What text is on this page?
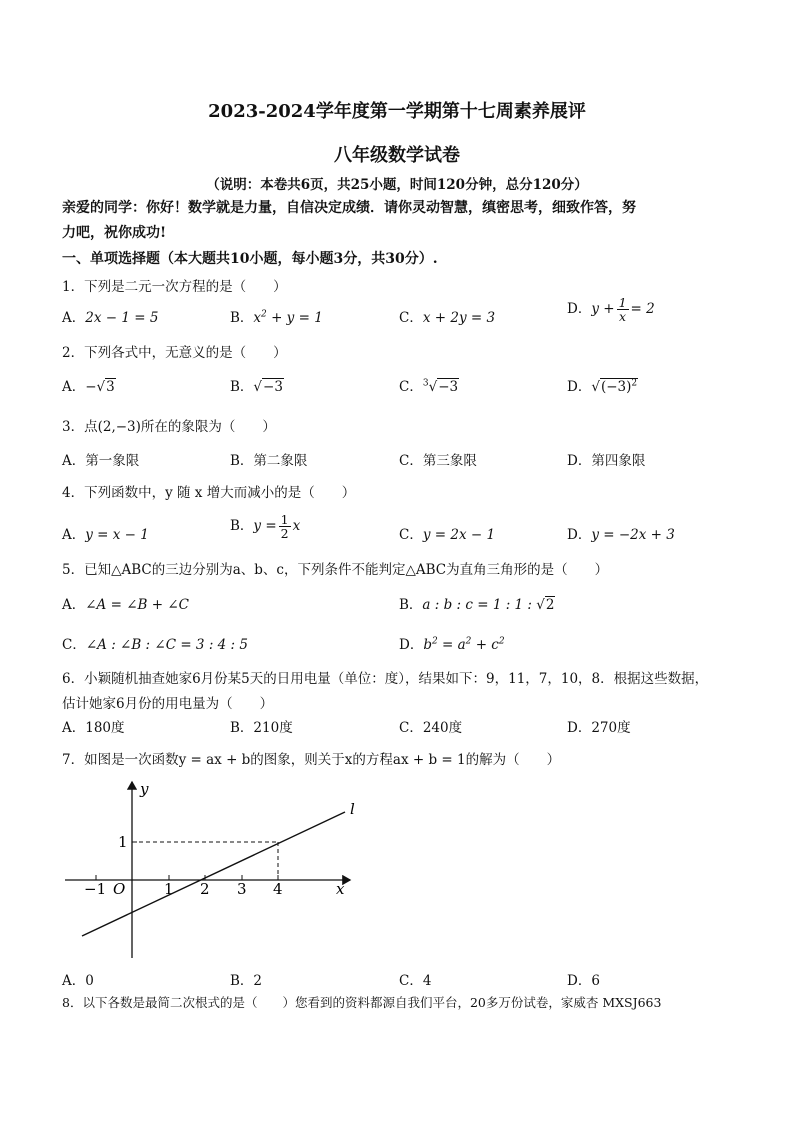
2023-2024学年度第一学期第十七周素养展评
八年级数学试卷
（说明：本卷共6页，共25小题，时间120分钟，总分120分）
亲爱的同学：你好！数学就是力量，自信决定成绩．请你灵动智慧，缜密思考，细致作答，努
力吧，祝你成功!
一、单项选择题（本大题共10小题，每小题3分，共30分）.
1．下列是二元一次方程的是（　　）
A．2x − 1 = 5	B．$x^2 + y = 1$	C．x + 2y = 3
D．$y + \frac{1}{x} = 2$
2．下列各式中，无意义的是（　　）
A．−√3	B．√−3	C．$^3$√−3	D．$√(-3)^2$
3．点(2,−3)所在的象限为（　　）
A．第一象限	B．第二象限	C．第三象限	D．第四象限
4．下列函数中，y 随 x 增大而减小的是（　　）
A．y = x − 1
B．$y = \frac{1}{2}$ x
C．y = 2x − 1	D．y = −2x + 3
5．已知△ABC的三边分别为a、b、c，下列条件不能判定△ABC为直角三角形的是（　　）
A．∠A = ∠B + ∠C	B．a : b : c = 1 : 1 : √2
C．∠A : ∠B : ∠C = 3 : 4 : 5	D．$b^2 = a^2 + c^2$
6．小颖随机抽查她家6月份某5天的日用电量（单位：度），结果如下：9，11，7，10，8．根据这些数据，
估计她家6月份的用电量为（　　）
A．180度	B．210度	C．240度	D．270度
7．如图是一次函数y = ax + b的图象，则关于x的方程ax + b = 1的解为（　　）
y
x
l
O
−1	1 2 3 4
1
A．0	B．2	C．4	D．6
8．以下各数是最简二次根式的是（　　）您看到的资料都源自我们平台，20多万份试卷，家威杏 MXSJ663
